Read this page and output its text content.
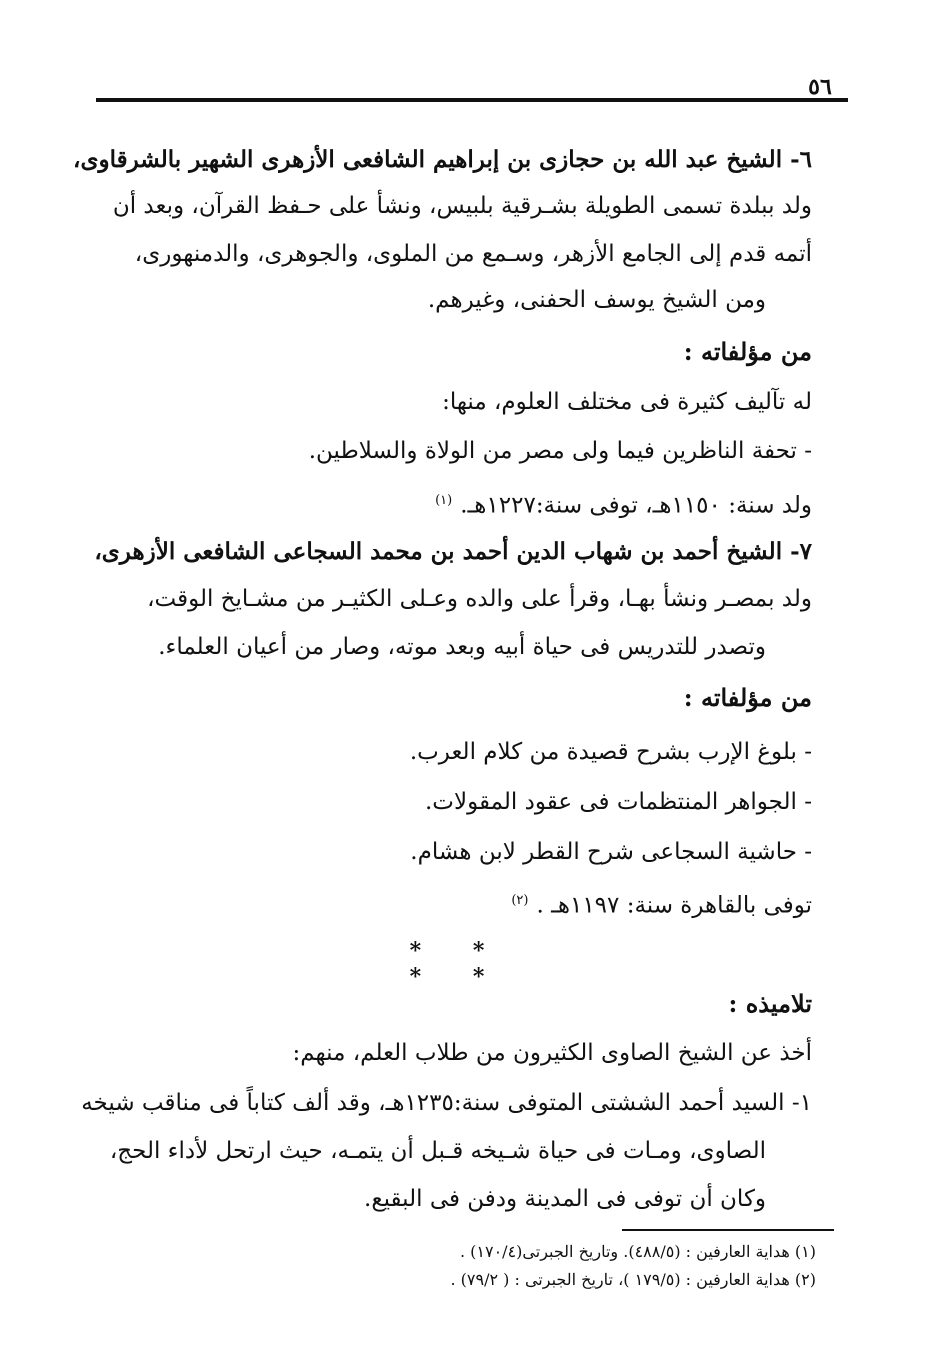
٥٦
٦- الشيخ عبد الله بن حجازى بن إبراهيم الشافعى الأزهرى الشهير بالشرقاوى،
ولد ببلدة تسمى الطويلة بشـرقية بلبيس، ونشأ على حـفظ القرآن، وبعد أن
أتمه قدم إلى الجامع الأزهر، وسـمع من الملوى، والجوهرى، والدمنهورى،
ومن الشيخ يوسف الحفنى، وغيرهم.
من مؤلفاته :
له تآليف كثيرة فى مختلف العلوم، منها:
- تحفة الناظرين فيما ولى مصر من الولاة والسلاطين.
ولد سنة: ١١٥٠هـ، توفى سنة:١٢٢٧هـ.$^{(١)}$
٧- الشيخ أحمد بن شهاب الدين أحمد بن محمد السجاعى الشافعى الأزهرى،
ولد بمصـر ونشأ بهـا، وقرأ على والده وعـلى الكثيـر من مشـايخ الوقت،
وتصدر للتدريس فى حياة أبيه وبعد موته، وصار من أعيان العلماء.
من مؤلفاته :
- بلوغ الإرب بشرح قصيدة من كلام العرب.
- الجواهر المنتظمات فى عقود المقولات.
- حاشية السجاعى شرح القطر لابن هشام.
توفى بالقاهرة سنة: ١١٩٧هـ .$^{(٢)}$
* * * *
تلاميذه :
أخذ عن الشيخ الصاوى الكثيرون من طلاب العلم، منهم:
١- السيد أحمد الششتى المتوفى سنة:١٢٣٥هـ، وقد ألف كتاباً فى مناقب شيخه
الصاوى، ومـات فى حياة شـيخه قـبل أن يتمـه، حيث ارتحل لأداء الحج،
وكان أن توفى فى المدينة ودفن فى البقيع.
(١) هداية العارفين : (٤٨٨/٥). وتاريخ الجبرتى(١٧٠/٤) .
(٢) هداية العارفين : (١٧٩/٥ )، تاريخ الجبرتى : ( ٧٩/٢) .
